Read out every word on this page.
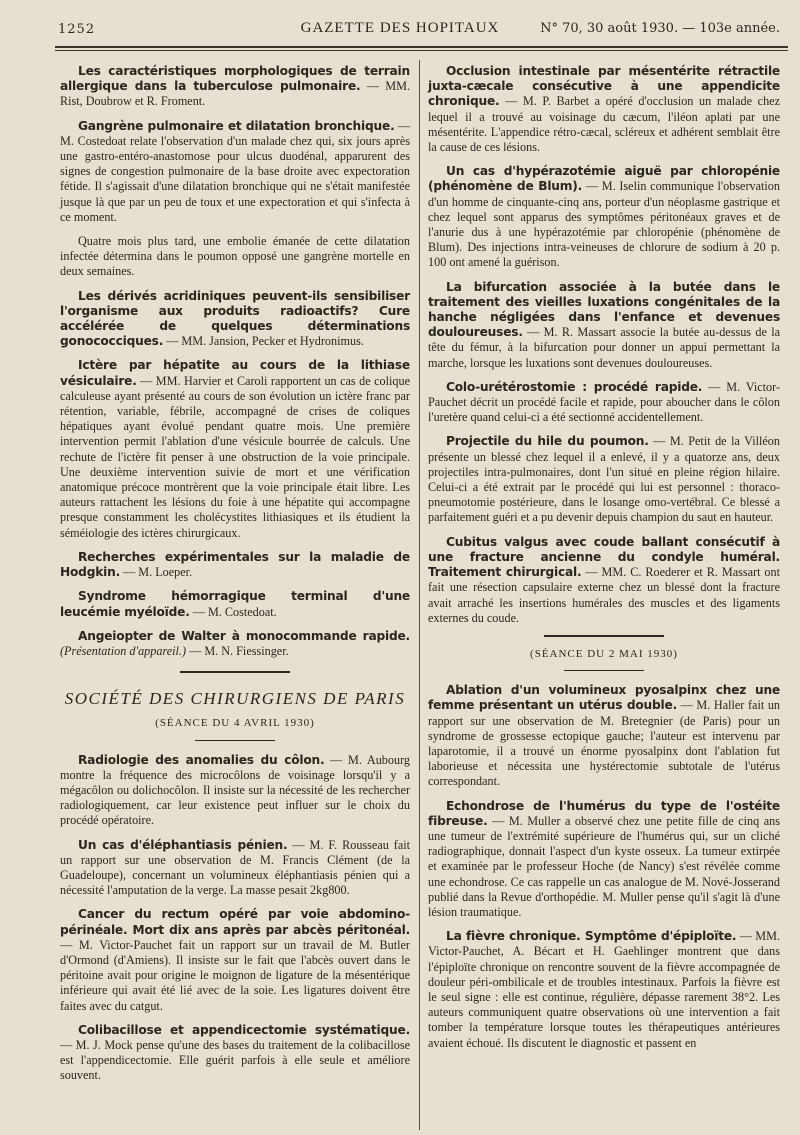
1252	GAZETTE DES HOPITAUX	N° 70, 30 août 1930. — 103e année.

Les caractéristiques morphologiques de terrain allergique dans la tuberculose pulmonaire. — MM. Rist, Doubrow et R. Froment.

Gangrène pulmonaire et dilatation bronchique. — M. Costedoat relate l'observation d'un malade chez qui, six jours après une gastro-entéro-anastomose pour ulcus duodénal, apparurent des signes de congestion pulmonaire de la base droite avec expectoration fétide. Il s'agissait d'une dilatation bronchique qui ne s'était manifestée jusque là que par un peu de toux et une expectoration et qui s'infecta à ce moment.

Quatre mois plus tard, une embolie émanée de cette dilatation infectée détermina dans le poumon opposé une gangrène mortelle en deux semaines.

Les dérivés acridiniques peuvent-ils sensibiliser l'organisme aux produits radioactifs? Cure accélérée de quelques déterminations gonococciques. — MM. Jansion, Pecker et Hydronimus.

Ictère par hépatite au cours de la lithiase vésiculaire. — MM. Harvier et Caroli rapportent un cas de colique calculeuse ayant présenté au cours de son évolution un ictère franc par rétention, variable, fébrile, accompagné de crises de coliques hépatiques ayant évolué pendant quatre mois. Une première intervention permit l'ablation d'une vésicule bourrée de calculs. Une rechute de l'ictère fit penser à une obstruction de la voie principale. Une deuxième intervention suivie de mort et une vérification anatomique précoce montrèrent que la voie principale était libre. Les auteurs rattachent les lésions du foie à une hépatite qui accompagne presque constamment les cholécystites lithiasiques et ils étudient la séméiologie des ictères chirurgicaux.

Recherches expérimentales sur la maladie de Hodgkin. — M. Loeper.

Syndrome hémorragique terminal d'une leucémie myéloïde. — M. Costedoat.

Angeiopter de Walter à monocommande rapide. (Présentation d'appareil.) — M. N. Fiessinger.

SOCIÉTÉ DES CHIRURGIENS DE PARIS
(SÉANCE DU 4 AVRIL 1930)

Radiologie des anomalies du côlon. — M. Aubourg montre la fréquence des microcôlons de voisinage lorsqu'il y a mégacôlon ou dolichocôlon. Il insiste sur la nécessité de les rechercher radiologiquement, car leur existence peut influer sur le choix du procédé opératoire.

Un cas d'éléphantiasis pénien. — M. F. Rousseau fait un rapport sur une observation de M. Francis Clément (de la Guadeloupe), concernant un volumineux éléphantiasis pénien qui a nécessité l'amputation de la verge. La masse pesait 2kg800.

Cancer du rectum opéré par voie abdomino-périnéale. Mort dix ans après par abcès péritonéal. — M. Victor-Pauchet fait un rapport sur un travail de M. Butler d'Ormond (d'Amiens). Il insiste sur le fait que l'abcès ouvert dans le péritoine avait pour origine le moignon de ligature de la mésentérique inférieure qui avait été lié avec de la soie. Les ligatures doivent être faites avec du catgut.

Colibacillose et appendicectomie systématique. — M. J. Mock pense qu'une des bases du traitement de la colibacillose est l'appendicectomie. Elle guérit parfois à elle seule et améliore souvent.

Occlusion intestinale par mésentérite rétractile juxta-cæcale consécutive à une appendicite chronique. — M. P. Barbet a opéré d'occlusion un malade chez lequel il a trouvé au voisinage du cæcum, l'iléon aplati par une mésentérite. L'appendice rétro-cæcal, scléreux et adhérent semblait être la cause de ces lésions.

Un cas d'hypérazotémie aiguë par chloropénie (phénomène de Blum). — M. Iselin communique l'observation d'un homme de cinquante-cinq ans, porteur d'un néoplasme gastrique et chez lequel sont apparus des symptômes péritonéaux graves et de l'anurie dus à une hypérazotémie par chloropénie (phénomène de Blum). Des injections intra-veineuses de chlorure de sodium à 20 p. 100 ont amené la guérison.

La bifurcation associée à la butée dans le traitement des vieilles luxations congénitales de la hanche négligées dans l'enfance et devenues douloureuses. — M. R. Massart associe la butée au-dessus de la tête du fémur, à la bifurcation pour donner un appui permettant la marche, lorsque les luxations sont devenues douloureuses.

Colo-urétérostomie : procédé rapide. — M. Victor-Pauchet décrit un procédé facile et rapide, pour aboucher dans le côlon l'uretère quand celui-ci a été sectionné accidentellement.

Projectile du hile du poumon. — M. Petit de la Villéon présente un blessé chez lequel il a enlevé, il y a quatorze ans, deux projectiles intra-pulmonaires, dont l'un situé en pleine région hilaire. Celui-ci a été extrait par le procédé qui lui est personnel : thoraco-pneumotomie postérieure, dans le losange omo-vertébral. Ce blessé a parfaitement guéri et a pu devenir depuis champion du saut en hauteur.

Cubitus valgus avec coude ballant consécutif à une fracture ancienne du condyle huméral. Traitement chirurgical. — MM. C. Roederer et R. Massart ont fait une résection capsulaire externe chez un blessé dont la fracture avait arraché les insertions humérales des muscles et des ligaments externes du coude.

(SÉANCE DU 2 MAI 1930)

Ablation d'un volumineux pyosalpinx chez une femme présentant un utérus double. — M. Haller fait un rapport sur une observation de M. Bretegnier (de Paris) pour un syndrome de grossesse ectopique gauche; l'auteur est intervenu par laparotomie, il a trouvé un énorme pyosalpinx dont l'ablation fut laborieuse et nécessita une hystérectomie subtotale de l'utérus correspondant.

Echondrose de l'humérus du type de l'ostéite fibreuse. — M. Muller a observé chez une petite fille de cinq ans une tumeur de l'extrémité supérieure de l'humérus qui, sur un cliché radiographique, donnait l'aspect d'un kyste osseux. La tumeur extirpée et examinée par le professeur Hoche (de Nancy) s'est révélée comme une echondrose. Ce cas rappelle un cas analogue de M. Nové-Josserand publié dans la Revue d'orthopédie. M. Muller pense qu'il s'agit là d'une lésion traumatique.

La fièvre chronique. Symptôme d'épiploïte. — MM. Victor-Pauchet, A. Bécart et H. Gaehlinger montrent que dans l'épiploïte chronique on rencontre souvent de la fièvre accompagnée de douleur péri-ombilicale et de troubles intestinaux. Parfois la fièvre est le seul signe : elle est continue, régulière, dépasse rarement 38°2. Les auteurs communiquent quatre observations où une intervention a fait tomber la température lorsque toutes les thérapeutiques antérieures avaient échoué. Ils discutent le diagnostic et passent en
